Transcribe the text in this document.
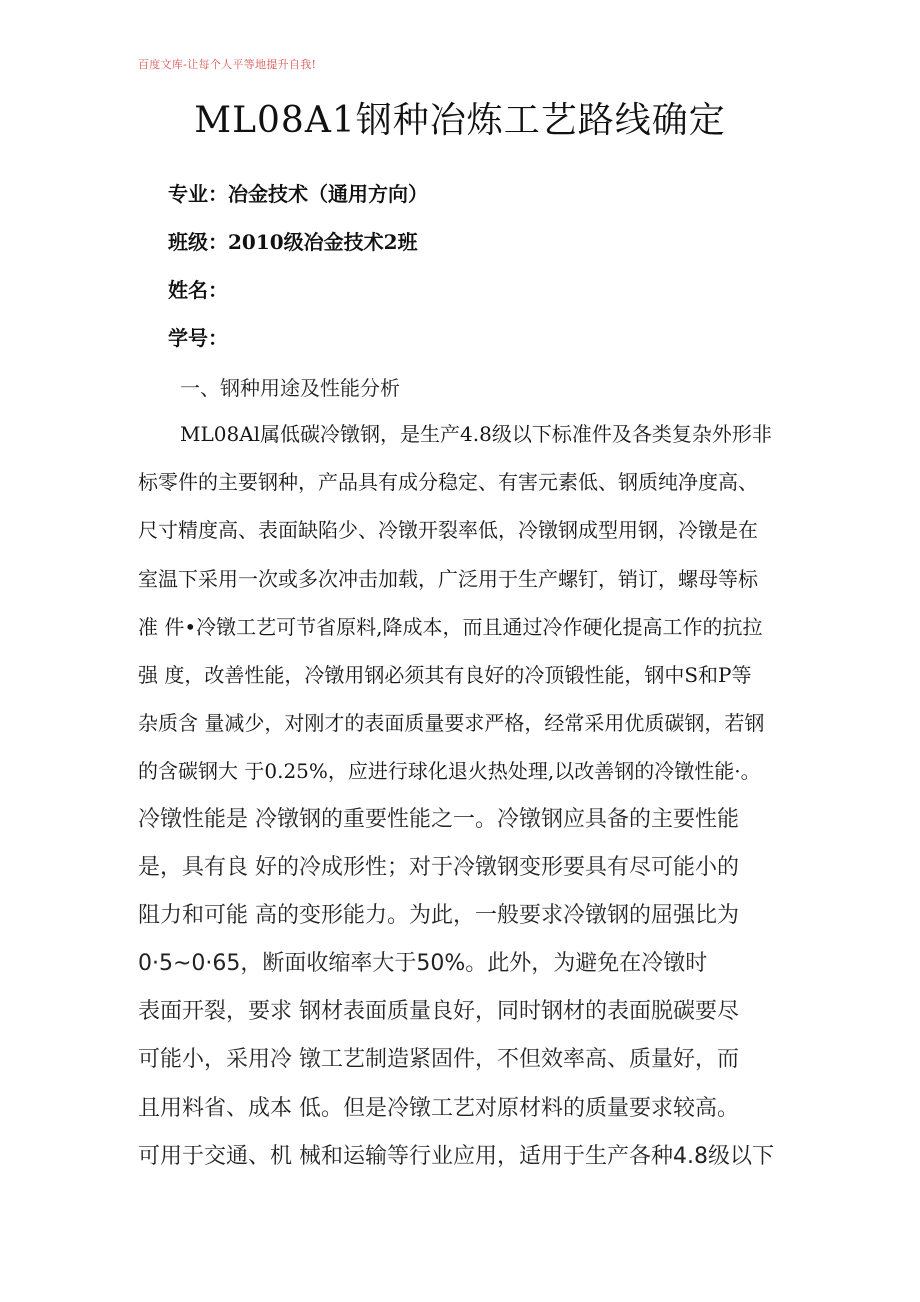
百度文库-让每个人平等地提升自我!
ML08A1钢种冶炼工艺路线确定
专业：冶金技术（通用方向）
班级：2010级冶金技术2班
姓名：
学号：
一、钢种用途及性能分析
ML08Al属低碳冷镦钢，是生产4.8级以下标准件及各类复杂外形非
标零件的主要钢种，产品具有成分稳定、有害元素低、钢质纯净度高、
尺寸精度高、表面缺陷少、冷镦开裂率低，冷镦钢成型用钢，冷镦是在
室温下采用一次或多次冲击加载，广泛用于生产螺钉，销订，螺母等标
准 件•冷镦工艺可节省原料,降成本，而且通过冷作硬化提高工作的抗拉
强 度，改善性能，冷镦用钢必须其有良好的冷顶锻性能，钢中S和P等
杂质含 量减少，对刚才的表面质量要求严格，经常采用优质碳钢，若钢
的含碳钢大 于0.25%，应进行球化退火热处理,以改善钢的冷镦性能·。
冷镦性能是 冷镦钢的重要性能之一。冷镦钢应具备的主要性能
是，具有良 好的冷成形性；对于冷镦钢变形要具有尽可能小的
阻力和可能 高的变形能力。为此，一般要求冷镦钢的屈强比为
0·5~0·65，断面收缩率大于50%。此外，为避免在冷镦时
表面开裂，要求 钢材表面质量良好，同时钢材的表面脱碳要尽
可能小，采用冷 镦工艺制造紧固件，不但效率高、质量好，而
且用料省、成本 低。但是冷镦工艺对原材料的质量要求较高。
可用于交通、机 械和运输等行业应用，适用于生产各种4.8级以下
